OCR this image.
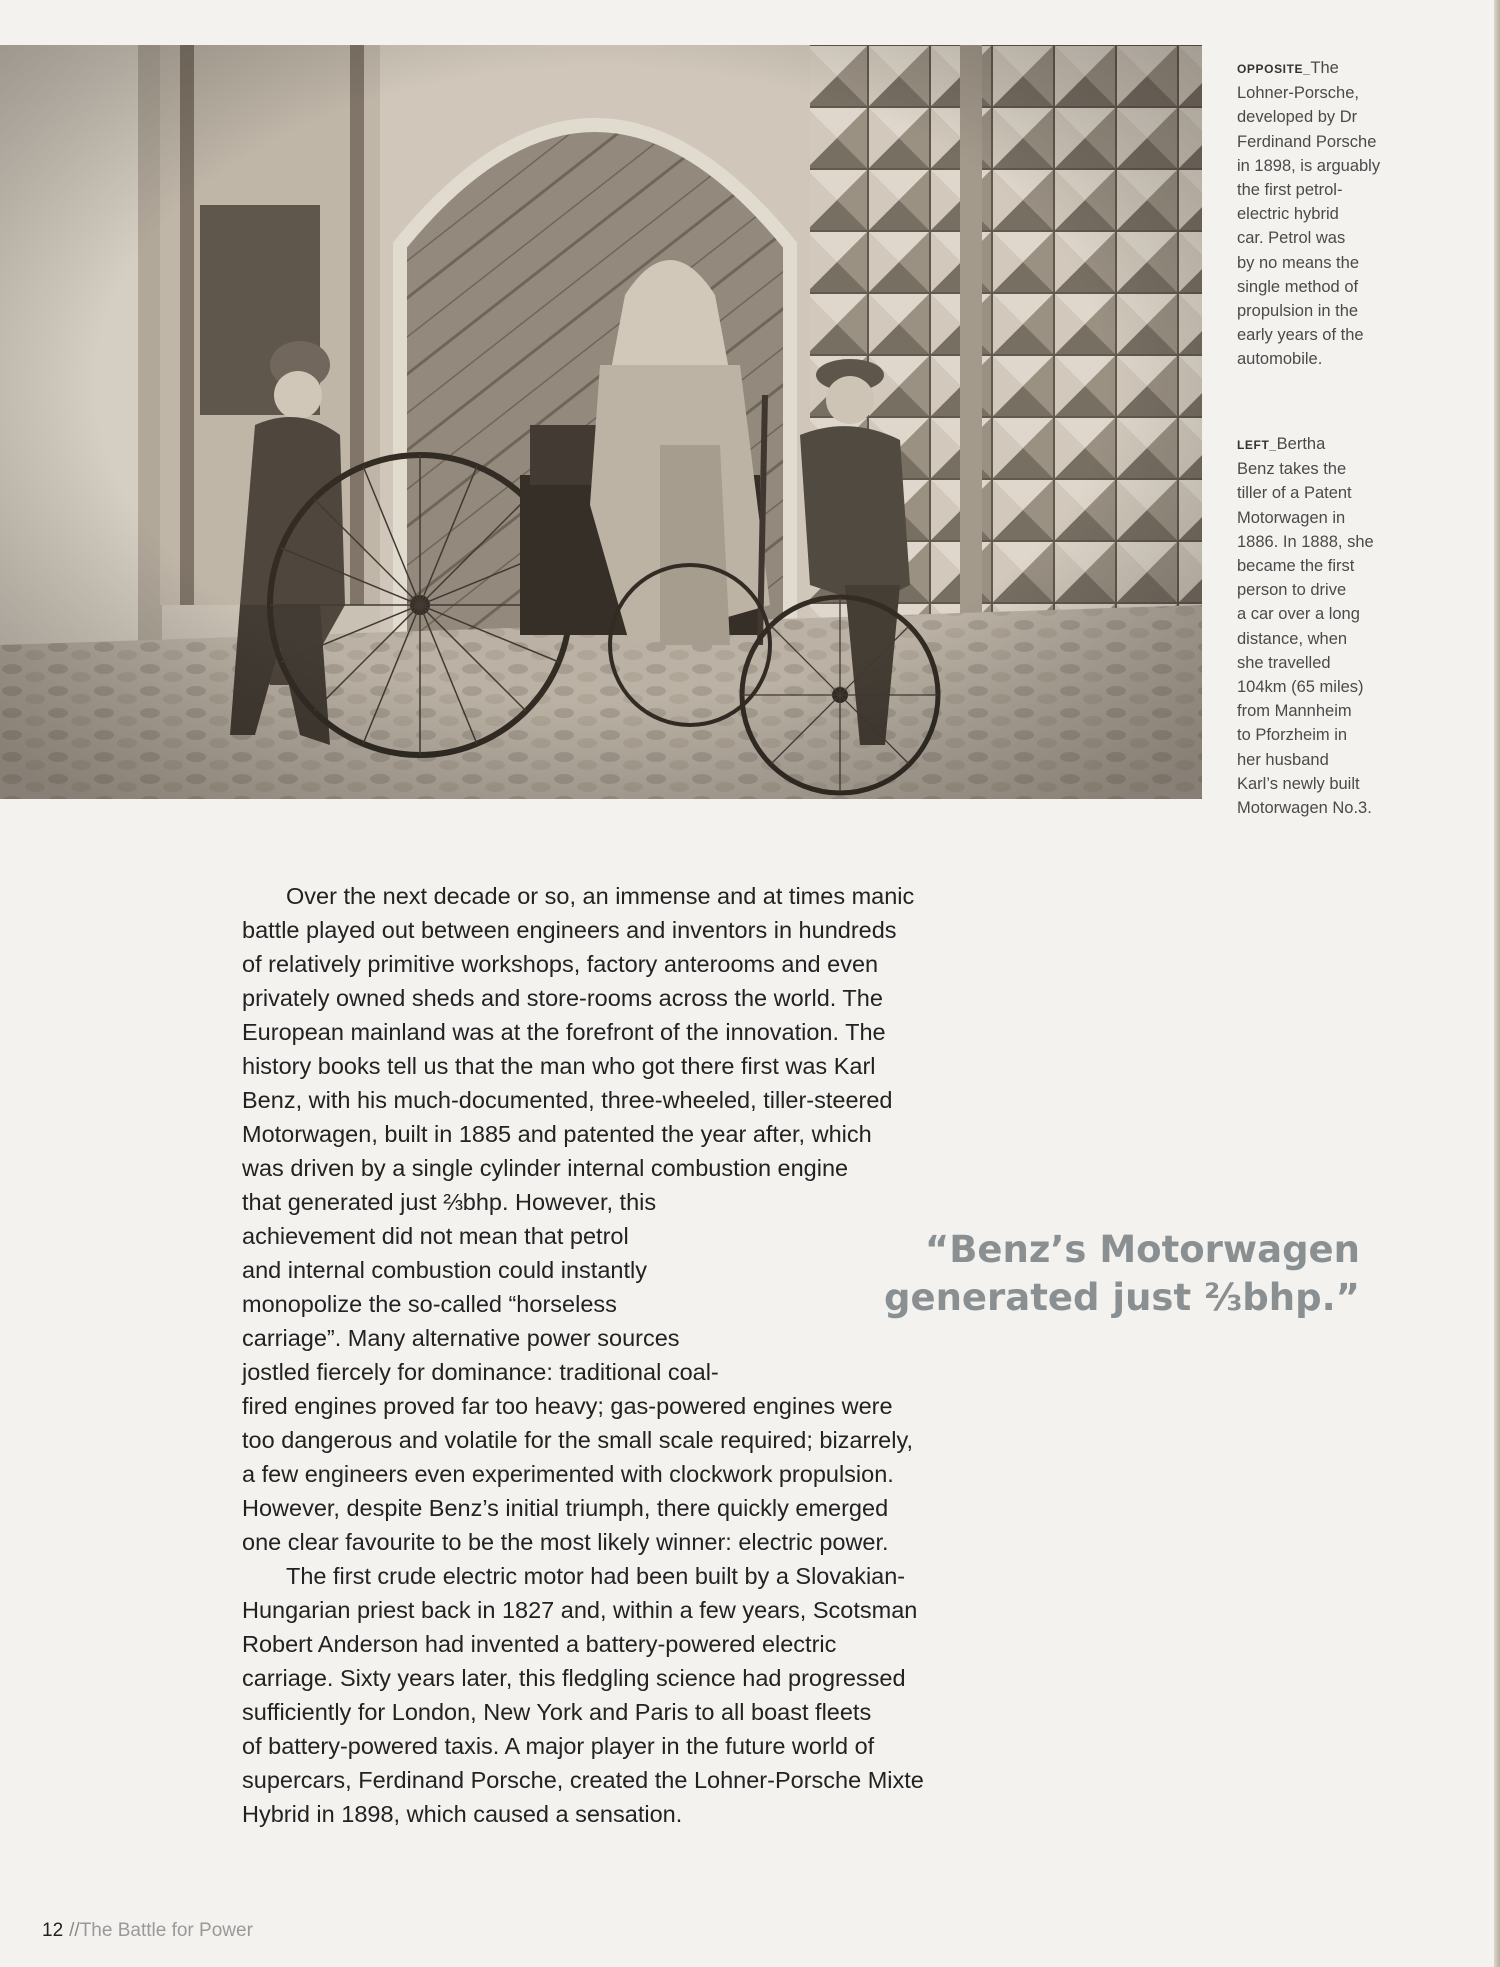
OPPOSITE_The
Lohner-Porsche,
developed by Dr
Ferdinand Porsche
in 1898, is arguably
the first petrol-
electric hybrid
car. Petrol was
by no means the
single method of
propulsion in the
early years of the
automobile.

LEFT_Bertha
Benz takes the
tiller of a Patent
Motorwagen in
1886. In 1888, she
became the first
person to drive
a car over a long
distance, when
she travelled
104km (65 miles)
from Mannheim
to Pforzheim in
her husband
Karl’s newly built
Motorwagen No.3.

Over the next decade or so, an immense and at times manic

battle played out between engineers and inventors in hundreds

of relatively primitive workshops, factory anterooms and even

privately owned sheds and store-rooms across the world. The

European mainland was at the forefront of the innovation. The

history books tell us that the man who got there first was Karl

Benz, with his much-documented, three-wheeled, tiller-steered

Motorwagen, built in 1885 and patented the year after, which

was driven by a single cylinder internal combustion engine

that generated just ⅔bhp. However, this

achievement did not mean that petrol

and internal combustion could instantly

monopolize the so-called “horseless

carriage”. Many alternative power sources

jostled fiercely for dominance: traditional coal-

fired engines proved far too heavy; gas-powered engines were

too dangerous and volatile for the small scale required; bizarrely,

a few engineers even experimented with clockwork propulsion.

However, despite Benz’s initial triumph, there quickly emerged

one clear favourite to be the most likely winner: electric power.

The first crude electric motor had been built by a Slovakian-

Hungarian priest back in 1827 and, within a few years, Scotsman

Robert Anderson had invented a battery-powered electric

carriage. Sixty years later, this fledgling science had progressed

sufficiently for London, New York and Paris to all boast fleets

of battery-powered taxis. A major player in the future world of

supercars, Ferdinand Porsche, created the Lohner-Porsche Mixte

Hybrid in 1898, which caused a sensation.

“Benz’s Motorwagen
generated just ⅔bhp.”

12 //The Battle for Power
